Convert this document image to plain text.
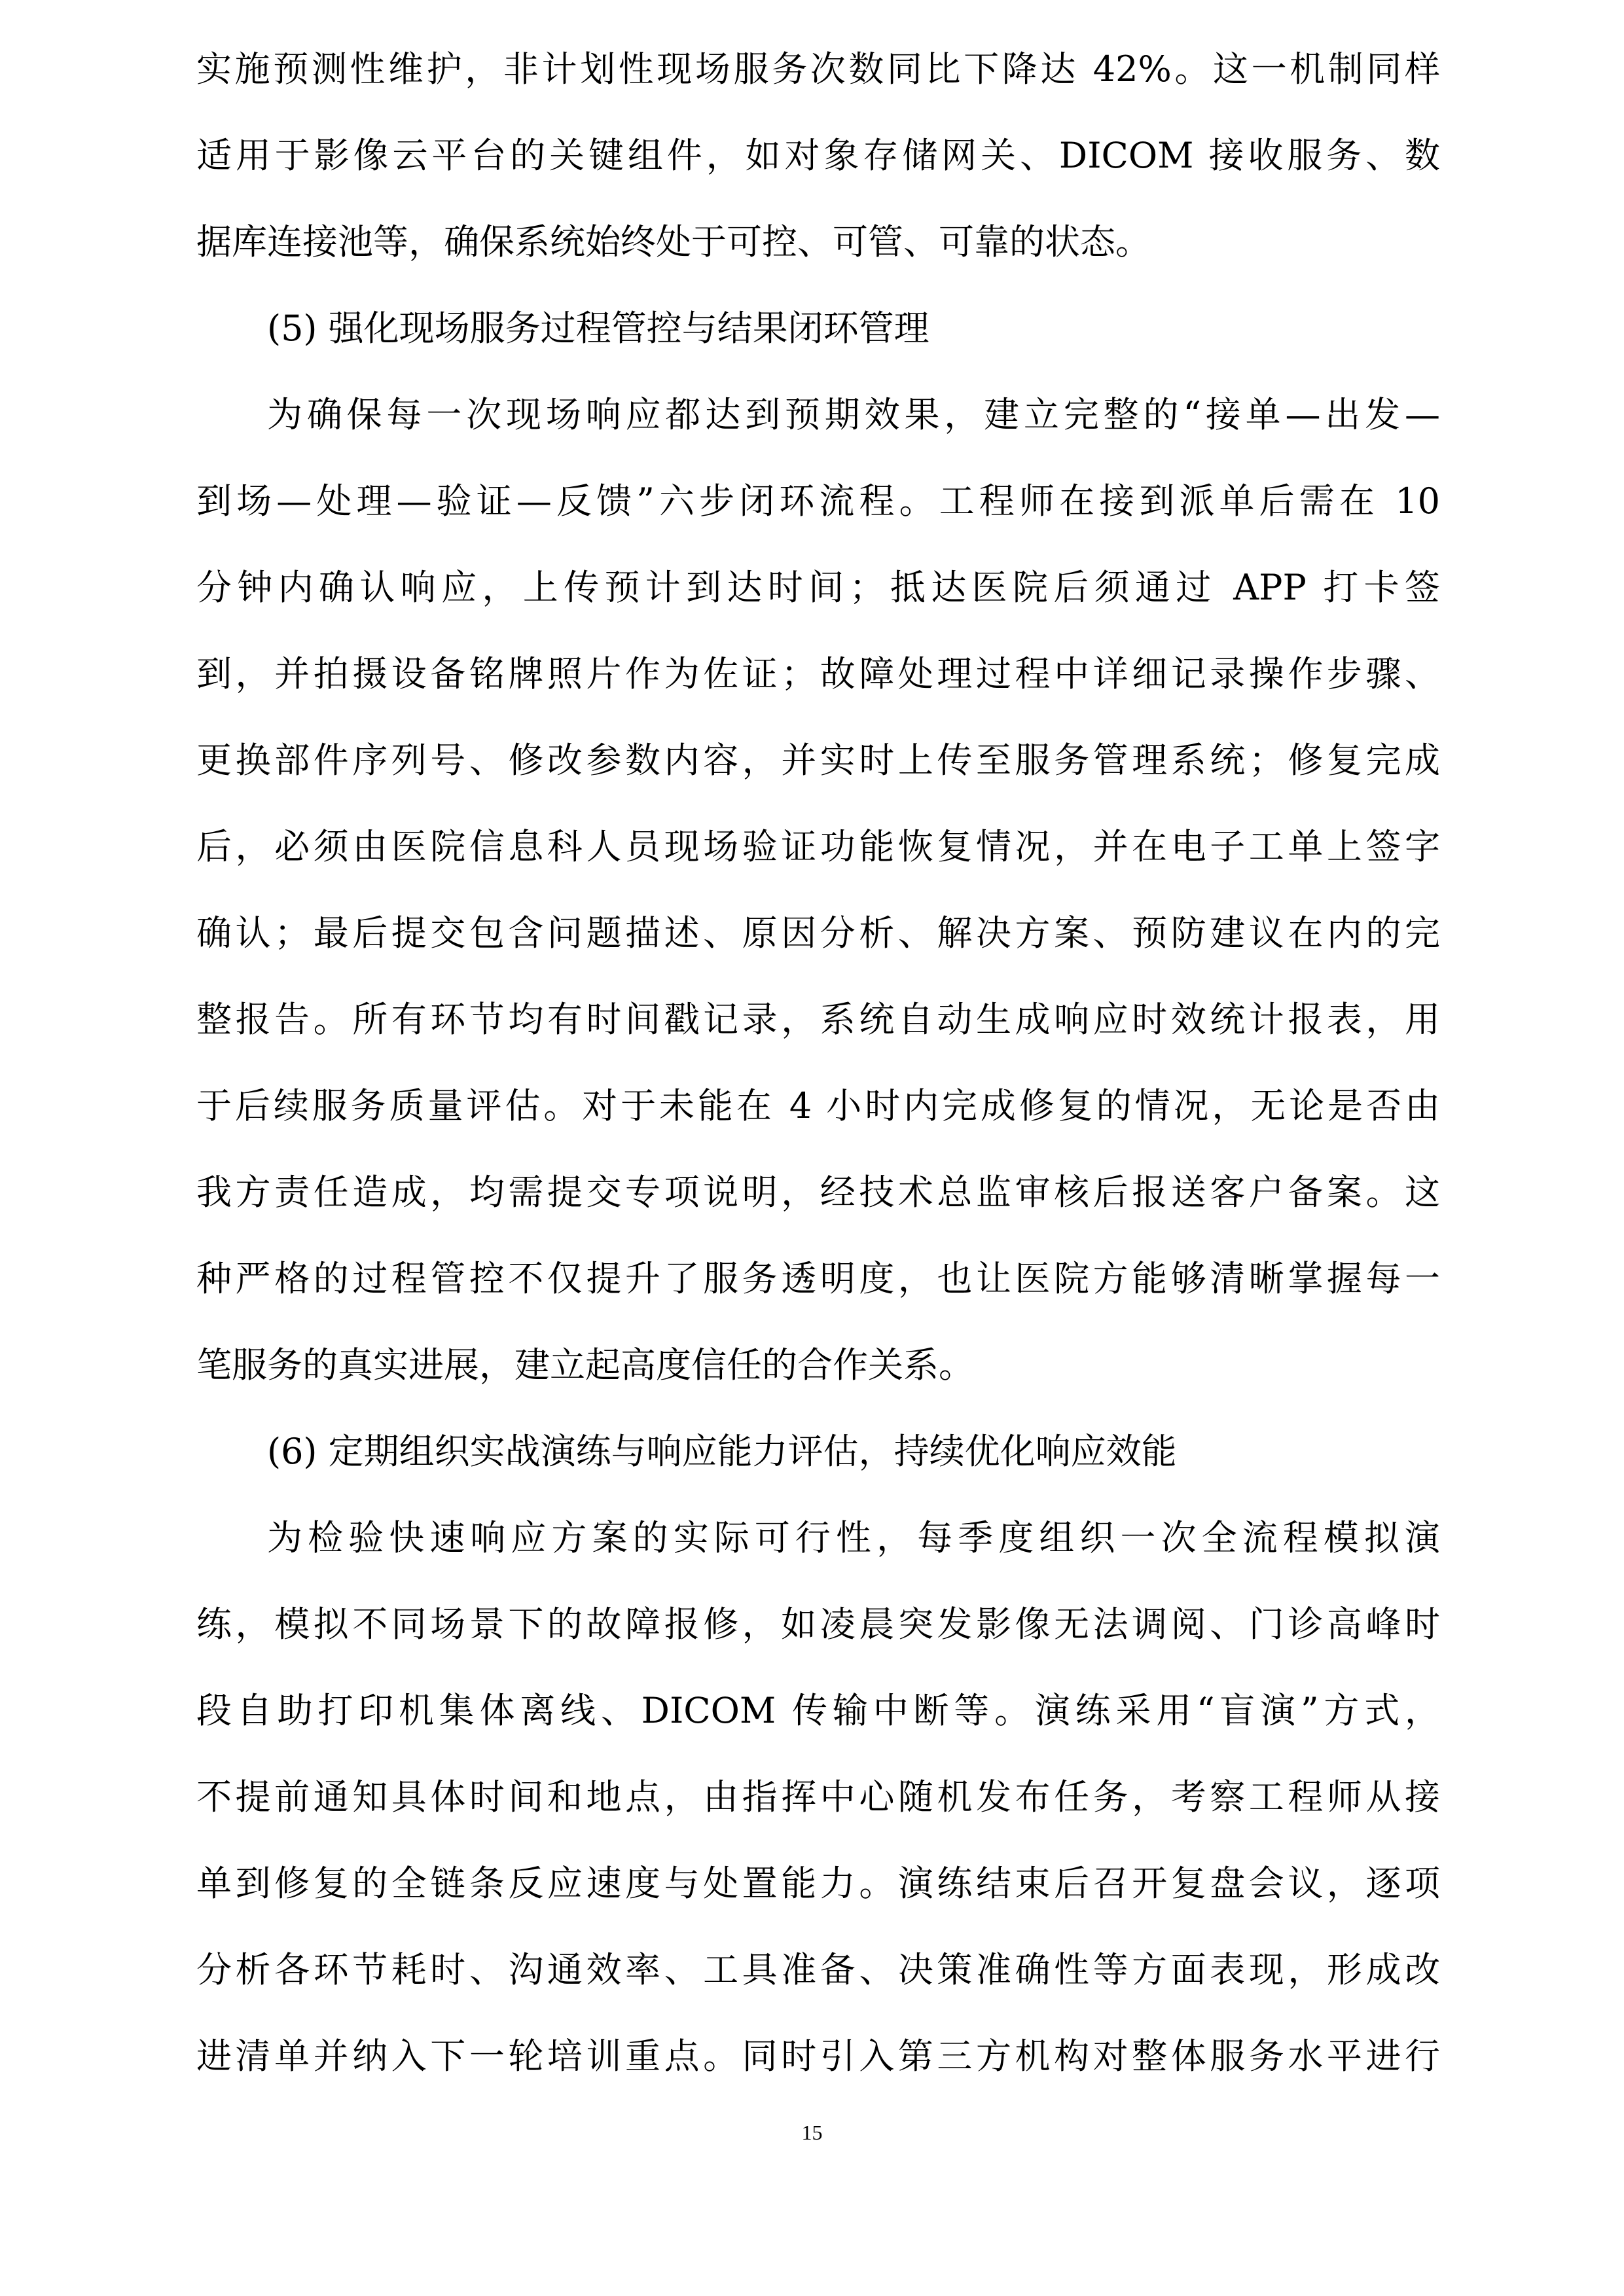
实施预测性维护，非计划性现场服务次数同比下降达 42%。这一机制同样
适用于影像云平台的关键组件，如对象存储网关、DICOM 接收服务、数
据库连接池等，确保系统始终处于可控、可管、可靠的状态。
(5) 强化现场服务过程管控与结果闭环管理
为确保每一次现场响应都达到预期效果，建立完整的“接单—出发—
到场—处理—验证—反馈”六步闭环流程。工程师在接到派单后需在 10
分钟内确认响应，上传预计到达时间；抵达医院后须通过 APP 打卡签
到，并拍摄设备铭牌照片作为佐证；故障处理过程中详细记录操作步骤、
更换部件序列号、修改参数内容，并实时上传至服务管理系统；修复完成
后，必须由医院信息科人员现场验证功能恢复情况，并在电子工单上签字
确认；最后提交包含问题描述、原因分析、解决方案、预防建议在内的完
整报告。所有环节均有时间戳记录，系统自动生成响应时效统计报表，用
于后续服务质量评估。对于未能在 4 小时内完成修复的情况，无论是否由
我方责任造成，均需提交专项说明，经技术总监审核后报送客户备案。这
种严格的过程管控不仅提升了服务透明度，也让医院方能够清晰掌握每一
笔服务的真实进展，建立起高度信任的合作关系。
(6) 定期组织实战演练与响应能力评估，持续优化响应效能
为检验快速响应方案的实际可行性，每季度组织一次全流程模拟演
练，模拟不同场景下的故障报修，如凌晨突发影像无法调阅、门诊高峰时
段自助打印机集体离线、DICOM 传输中断等。演练采用“盲演”方式，
不提前通知具体时间和地点，由指挥中心随机发布任务，考察工程师从接
单到修复的全链条反应速度与处置能力。演练结束后召开复盘会议，逐项
分析各环节耗时、沟通效率、工具准备、决策准确性等方面表现，形成改
进清单并纳入下一轮培训重点。同时引入第三方机构对整体服务水平进行
15
